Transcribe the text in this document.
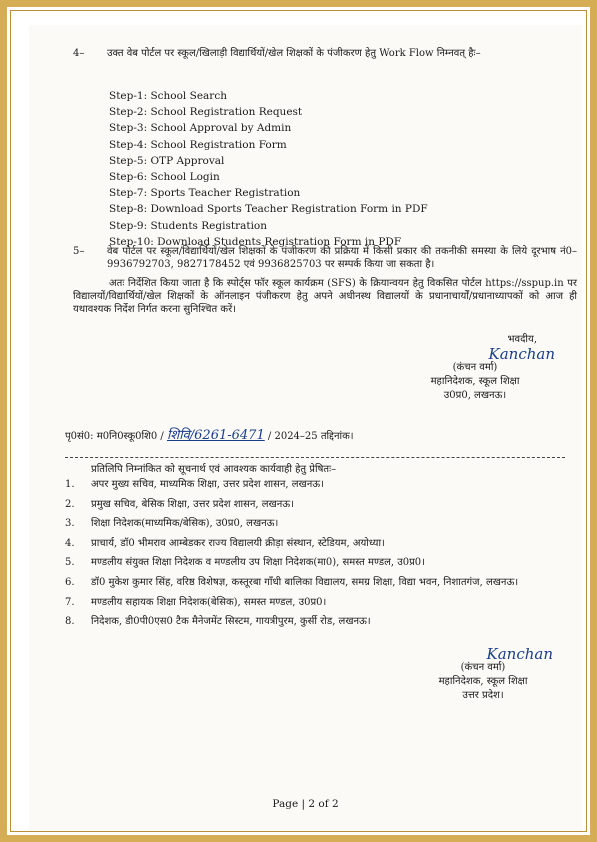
4– उक्त वेब पोर्टल पर स्कूल/खिलाड़ी विद्यार्थियों/खेल शिक्षकों के पंजीकरण हेतु Work Flow निम्नवत् हैः–
Step-1: School Search
Step-2: School Registration Request
Step-3: School Approval by Admin
Step-4: School Registration Form
Step-5: OTP Approval
Step-6: School Login
Step-7: Sports Teacher Registration
Step-8: Download Sports Teacher Registration Form in PDF
Step-9: Students Registration
Step-10: Download Students Registration Form in PDF
5– वेब पोर्टल पर स्कूल/विद्यार्थियों/खेल शिक्षकों के पंजीकरण की प्रक्रिया में किसी प्रकार की तकनीकी समस्या के लिये दूरभाष नं0–9936792703, 9827178452 एवं 9936825703 पर सम्पर्क किया जा सकता है।
अतः निर्देशित किया जाता है कि स्पोर्ट्स फॉर स्कूल कार्यक्रम (SFS) के क्रियान्वयन हेतु विकसित पोर्टल https://sspup.in पर विद्यालयों/विद्यार्थियों/खेल शिक्षकों के ऑनलाइन पंजीकरण हेतु अपने अधीनस्थ विद्यालयों के प्रधानाचार्यों/प्रधानाध्यापकों को आज ही यथावश्यक निर्देश निर्गत करना सुनिश्चित करें।
भवदीय,
Kanchan
(कंचन वर्मा)
महानिदेशक, स्कूल शिक्षा
उ0प्र0, लखनऊ।
पृ0सं0: म0नि0स्कू0शि0 / शिवि/6261-6471 / 2024–25 तद्दिनांक।
प्रतिलिपि निम्नांकित को सूचनार्थ एवं आवश्यक कार्यवाही हेतु प्रेषितः–
1. अपर मुख्य सचिव, माध्यमिक शिक्षा, उत्तर प्रदेश शासन, लखनऊ।
2. प्रमुख सचिव, बेसिक शिक्षा, उत्तर प्रदेश शासन, लखनऊ।
3. शिक्षा निदेशक(माध्यमिक/बेसिक), उ0प्र0, लखनऊ।
4. प्राचार्य, डॉ0 भीमराव आम्बेडकर राज्य विद्यालयी क्रीड़ा संस्थान, स्टेडियम, अयोध्या।
5. मण्डलीय संयुक्त शिक्षा निदेशक व मण्डलीय उप शिक्षा निदेशक(मा0), समस्त मण्डल, उ0प्र0।
6. डॉ0 मुकेश कुमार सिंह, वरिष्ठ विशेषज्ञ, कस्तूरबा गाँधी बालिका विद्यालय, समग्र शिक्षा, विद्या भवन, निशातगंज, लखनऊ।
7. मण्डलीय सहायक शिक्षा निदेशक(बेसिक), समस्त मण्डल, उ0प्र0।
8. निदेशक, डी0पी0एस0 टैक मैनेजमेंट सिस्टम, गायत्रीपुरम, कुर्सी रोड, लखनऊ।
Kanchan
(कंचन वर्मा)
महानिदेशक, स्कूल शिक्षा
उत्तर प्रदेश।
Page | 2 of 2
